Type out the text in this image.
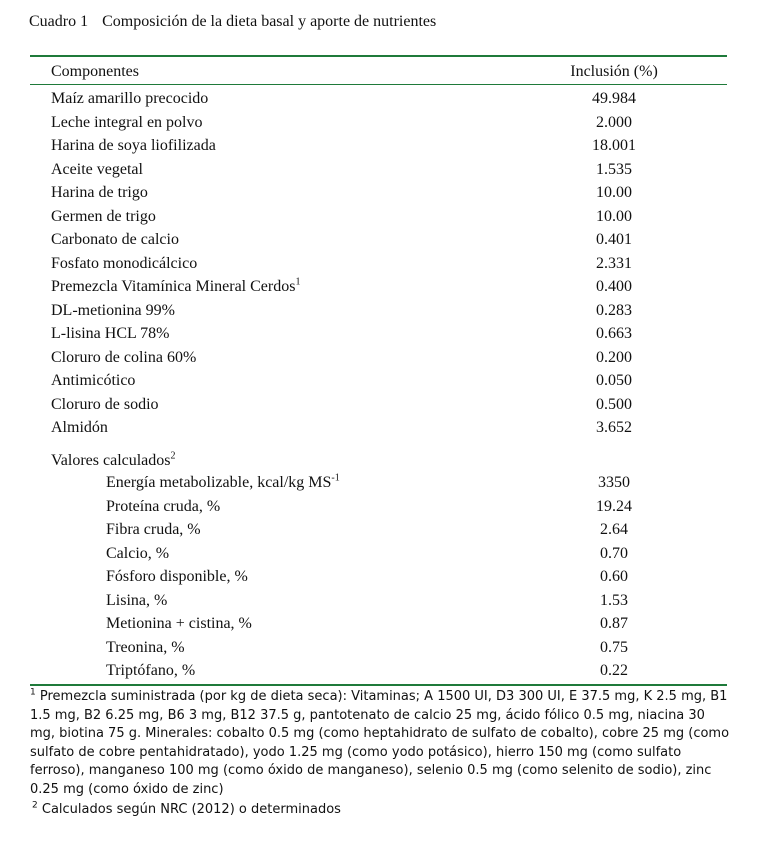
Cuadro 1 Composición de la dieta basal y aporte de nutrientes
Componentes	Inclusión (%)
Maíz amarillo precocido	49.984
Leche integral en polvo	2.000
Harina de soya liofilizada	18.001
Aceite vegetal	1.535
Harina de trigo	10.00
Germen de trigo	10.00
Carbonato de calcio	0.401
Fosfato monodicálcico	2.331
Premezcla Vitamínica Mineral Cerdos$^1$	0.400
DL-metionina 99%	0.283
L-lisina HCL 78%	0.663
Cloruro de colina 60%	0.200
Antimicótico	0.050
Cloruro de sodio	0.500
Almidón	3.652
Valores calculados$^2$
Energía metabolizable, kcal/kg $MS^{-1}$	3350
Proteína cruda, %	19.24
Fibra cruda, %	2.64
Calcio, %	0.70
Fósforo disponible, %	0.60
Lisina, %	1.53
Metionina + cistina, %	0.87
Treonina, %	0.75
Triptófano, %	0.22

$^1$ Premezcla suministrada (por kg de dieta seca): Vitaminas; A 1500 UI, D3 300 UI, E 37.5 mg, K 2.5 mg, B1 1.5 mg, B2 6.25 mg, B6 3 mg, B12 37.5 g, pantotenato de calcio 25 mg, ácido fólico 0.5 mg, niacina 30 mg, biotina 75 g. Minerales: cobalto 0.5 mg (como heptahidrato de sulfato de cobalto), cobre 25 mg (como sulfato de cobre pentahidratado), yodo 1.25 mg (como yodo potásico), hierro 150 mg (como sulfato ferroso), manganeso 100 mg (como óxido de manganeso), selenio 0.5 mg (como selenito de sodio), zinc 0.25 mg (como óxido de zinc)

$^2$ Calculados según NRC (2012) o determinados
